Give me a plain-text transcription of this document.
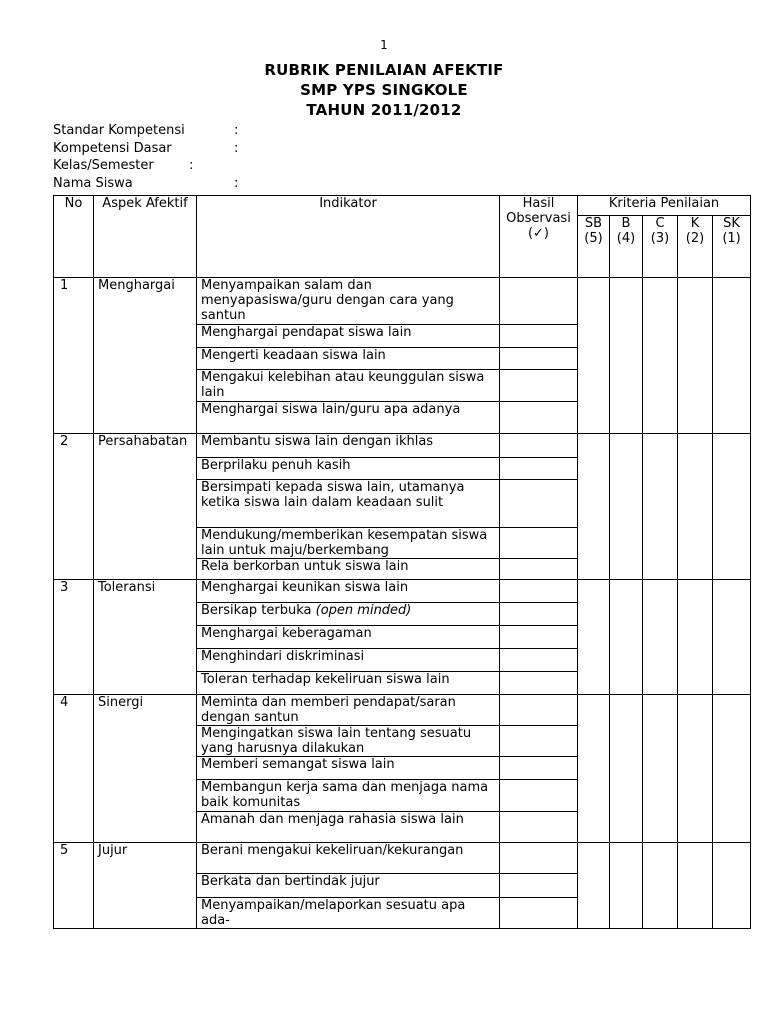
1
RUBRIK PENILAIAN AFEKTIF
SMP YPS SINGKOLE
TAHUN 2011/2012
Standar Kompetensi	:
Kompetensi Dasar	:
Kelas/Semester	:
Nama Siswa	:
No	Aspek Afektif	Indikator	Hasil Observasi
(✓)	Kriteria Penilaian				
				SB (5)	B (4)	C (3)	K (2)	SK (1)
1	Menghargai	Menyampaikan salam dan menyapasiswa/guru dengan cara yang santun						
		Menghargai pendapat siswa lain						
		Mengerti keadaan siswa lain						
		Mengakui kelebihan atau keunggulan siswa lain						
		Menghargai siswa lain/guru apa adanya						
2	Persahabatan	Membantu siswa lain dengan ikhlas						
		Berprilaku penuh kasih						
		Bersimpati kepada siswa lain, utamanya ketika siswa lain dalam keadaan sulit						
		Mendukung/memberikan kesempatan siswa lain untuk maju/berkembang						
		Rela berkorban untuk siswa lain						
3	Toleransi	Menghargai keunikan siswa lain						
		Bersikap terbuka (open minded)						
		Menghargai keberagaman						
		Menghindari diskriminasi						
		Toleran terhadap kekeliruan siswa lain						
4	Sinergi	Meminta dan memberi pendapat/saran dengan santun						
		Mengingatkan siswa lain tentang sesuatu yang harusnya dilakukan						
		Memberi semangat siswa lain						
		Membangun kerja sama dan menjaga nama baik komunitas						
		Amanah dan menjaga rahasia siswa lain						
5	Jujur	Berani mengakui kekeliruan/kekurangan						
		Berkata dan bertindak jujur						
		Menyampaikan/melaporkan sesuatu apa ada-						
